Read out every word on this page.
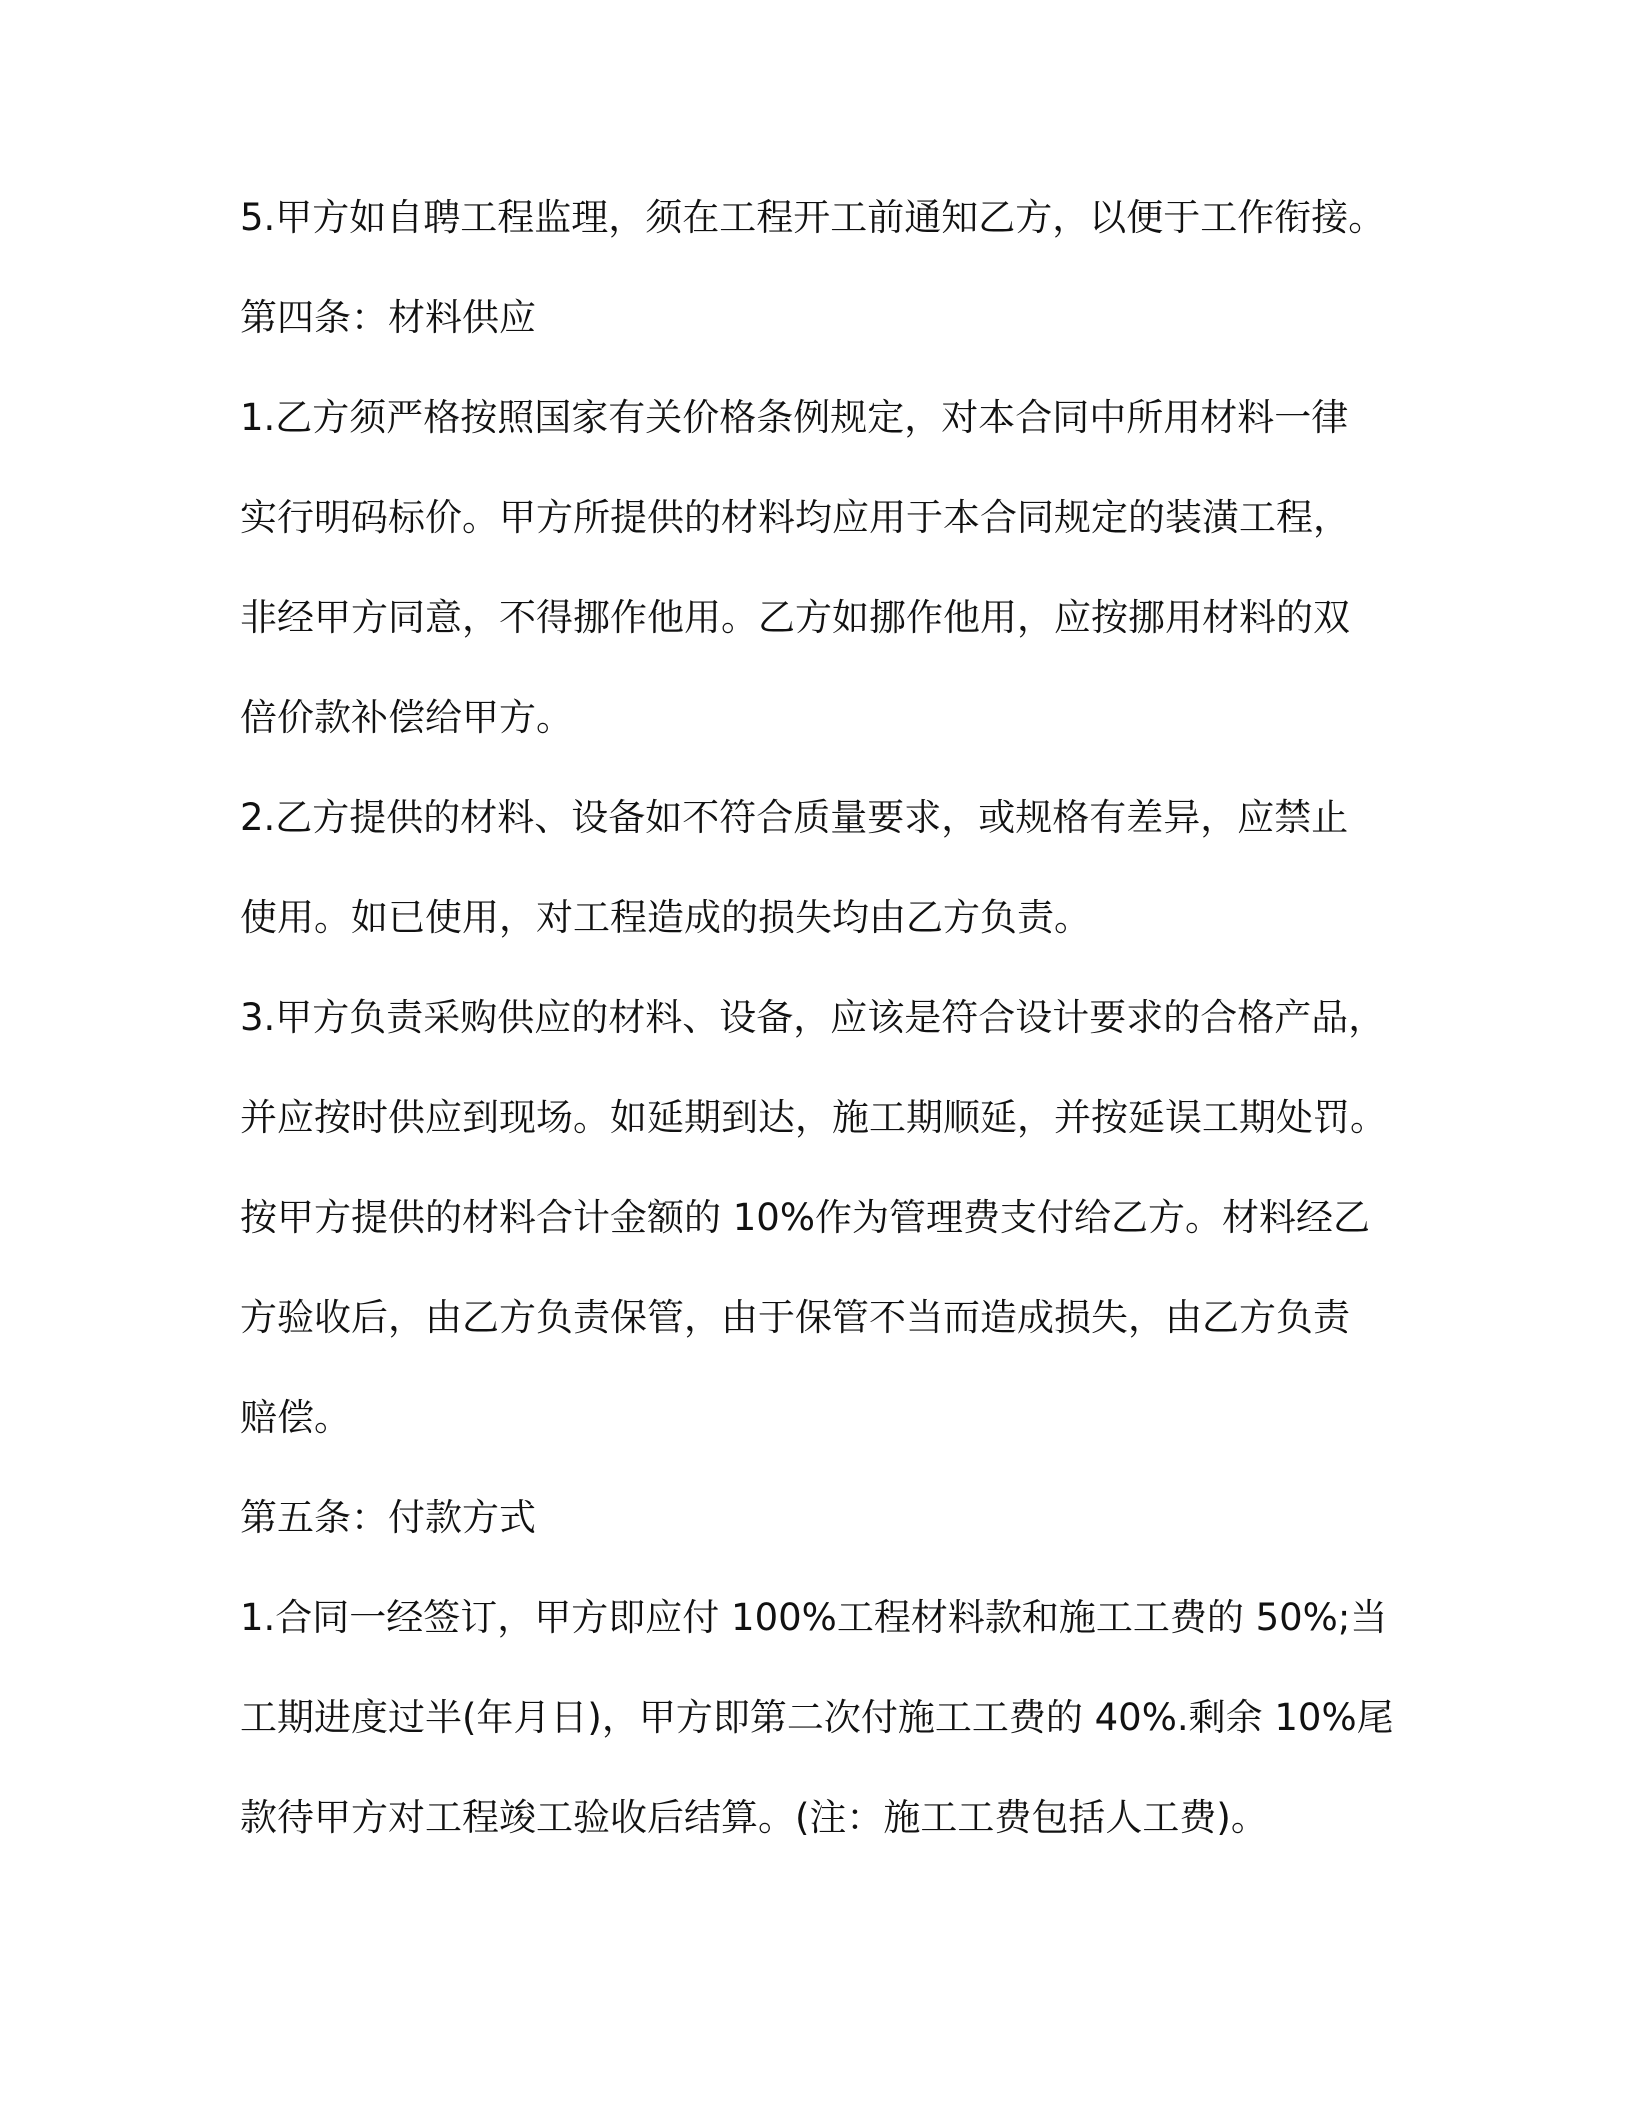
5.甲方如自聘工程监理，须在工程开工前通知乙方，以便于工作衔接。
第四条：材料供应
1.乙方须严格按照国家有关价格条例规定，对本合同中所用材料一律
实行明码标价。甲方所提供的材料均应用于本合同规定的装潢工程，
非经甲方同意，不得挪作他用。乙方如挪作他用，应按挪用材料的双
倍价款补偿给甲方。
2.乙方提供的材料、设备如不符合质量要求，或规格有差异，应禁止
使用。如已使用，对工程造成的损失均由乙方负责。
3.甲方负责采购供应的材料、设备，应该是符合设计要求的合格产品，
并应按时供应到现场。如延期到达，施工期顺延，并按延误工期处罚。
按甲方提供的材料合计金额的 10%作为管理费支付给乙方。材料经乙
方验收后，由乙方负责保管，由于保管不当而造成损失，由乙方负责
赔偿。
第五条：付款方式
1.合同一经签订，甲方即应付 100%工程材料款和施工工费的 50%;当
工期进度过半(年月日)，甲方即第二次付施工工费的 40%.剩余 10%尾
款待甲方对工程竣工验收后结算。(注：施工工费包括人工费)。
